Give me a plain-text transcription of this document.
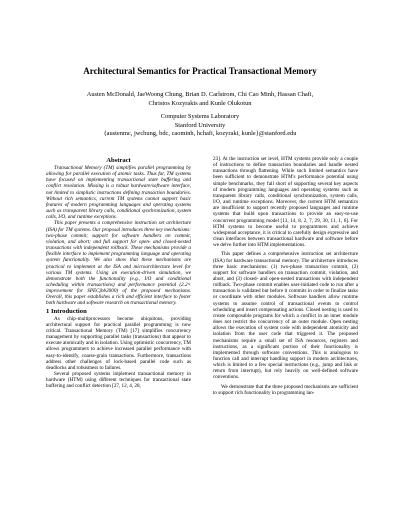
Architectural Semantics for Practical Transactional Memory
Austen McDonald, JaeWoong Chung, Brian D. Carlstrom, Chi Cao Minh, Hassan Chafi,
Christos Kozyrakis and Kunle Olukotun
Computer Systems Laboratory
Stanford University
{austenmc, jwchung, bdc, caominh, hchafi, kozyraki, kunle}@stanford.edu
Abstract

Transactional Memory (TM) simplifies parallel programming by allowing for parallel execution of atomic tasks. Thus far, TM systems have focused on implementing transactional state buffering and conflict resolution. Missing is a robust hardware/software interface, not limited to simplistic instructions defining transaction boundaries. Without rich semantics, current TM systems cannot support basic features of modern programming languages and operating systems such as transparent library calls, conditional synchronization, system calls, I/O, and runtime exceptions.

This paper presents a comprehensive instruction set architecture (ISA) for TM systems. Our proposal introduces three key mechanisms: two-phase commit; support for software handlers on commit, violation, and abort; and full support for open- and closed-nested transactions with independent rollback. These mechanisms provide a flexible interface to implement programming language and operating system functionality. We also show that these mechanisms are practical to implement at the ISA and microarchitecture level for various TM systems. Using an execution-driven simulation, we demonstrate both the functionality (e.g., I/O and conditional scheduling within transactions) and performance potential (2.2× improvement for SPECjbb2000) of the proposed mechanisms. Overall, this paper establishes a rich and efficient interface to foster both hardware and software research on transactional memory.

1 Introduction

As chip-multiprocessors become ubiquitous, providing architectural support for practical parallel programming is now critical. Transactional Memory (TM) [17] simplifies concurrency management by supporting parallel tasks (transactions) that appear to execute atomically and in isolation. Using optimistic concurrency, TM allows programmers to achieve increased parallel performance with easy-to-identify, coarse-grain transactions. Furthermore, transactions address other challenges of lock-based parallel code such as deadlocks and robustness to failures.

Several proposed systems implement transactional memory in hardware (HTM) using different techniques for transactional state buffering and conflict detection [27, 12, 4, 28,

23]. At the instruction set level, HTM systems provide only a couple of instructions to define transaction boundaries and handle nested transactions through flattening. While such limited semantics have been sufficient to demonstrate HTM's performance potential using simple benchmarks, they fall short of supporting several key aspects of modern programming languages and operating systems such as transparent library calls, conditional synchronization, system calls, I/O, and runtime exceptions. Moreover, the current HTM semantics are insufficient to support recently proposed languages and runtime systems that build upon transactions to provide an easy-to-use concurrent programming model [13, 14, 8, 2, 7, 29, 30, 11, 1, 6]. For HTM systems to become useful to programmers and achieve widespread acceptance, it is critical to carefully design expressive and clean interfaces between transactional hardware and software before we delve further into HTM implementations.

This paper defines a comprehensive instruction set architecture (ISA) for hardware transactional memory. The architecture introduces three basic mechanisms: (1) two-phase transaction commit, (2) support for software handlers on transaction commit, violation, and abort, and (3) closed- and open-nested transactions with independent rollback. Two-phase commit enables user-initiated code to run after a transaction is validated but before it commits in order to finalize tasks or coordinate with other modules. Software handlers allow runtime systems to assume control of transactional events to control scheduling and insert compensating actions. Closed nesting is used to create composable programs for which a conflict in an inner module does not restrict the concurrency of an outer module. Open nesting allows the execution of system code with independent atomicity and isolation from the user code that triggered it. The proposed mechanisms require a small set of ISA resources, registers and instructions, as a significant portion of their functionality is implemented through software conventions. This is analogous to function call and interrupt handling support in modern architectures, which is limited to a few special instructions (e.g., jump and link or return from interrupt), but rely heavily on well-defined software conventions.

We demonstrate that the three proposed mechanisms are sufficient to support rich functionality in programming lan-
